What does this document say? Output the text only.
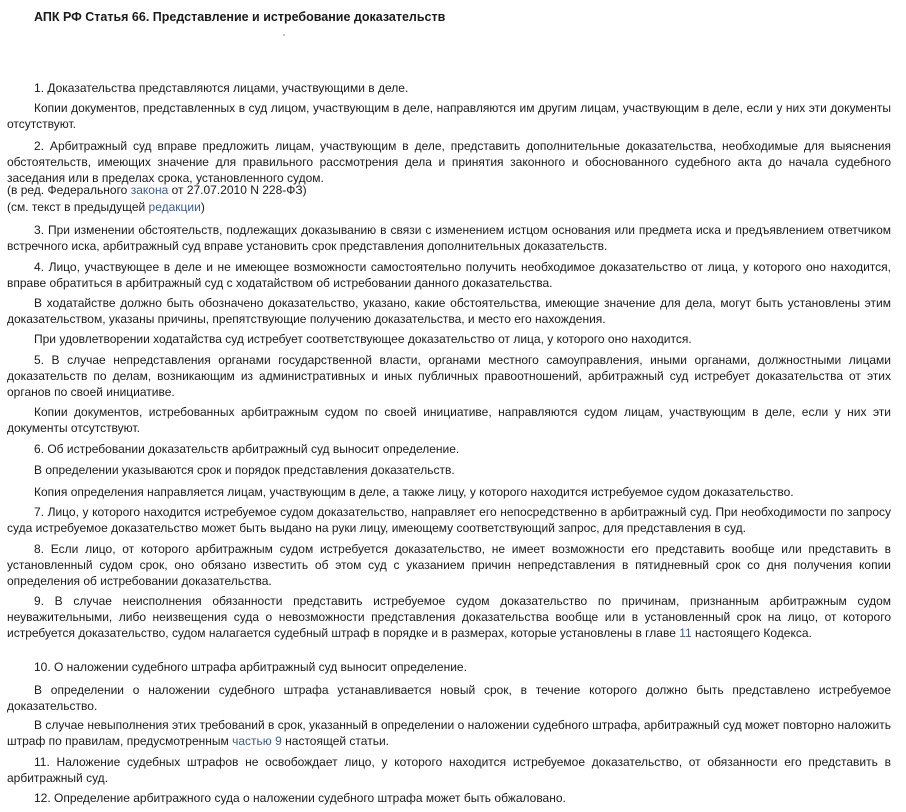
АПК РФ Статья 66. Представление и истребование доказательств

1. Доказательства представляются лицами, участвующими в деле.

Копии документов, представленных в суд лицом, участвующим в деле, направляются им другим лицам, участвующим в деле, если у них эти документы отсутствуют.

2. Арбитражный суд вправе предложить лицам, участвующим в деле, представить дополнительные доказательства, необходимые для выяснения обстоятельств, имеющих значение для правильного рассмотрения дела и принятия законного и обоснованного судебного акта до начала судебного заседания или в пределах срока, установленного судом.

(в ред. Федерального закона от 27.07.2010 N 228-ФЗ)

(см. текст в предыдущей редакции)

3. При изменении обстоятельств, подлежащих доказыванию в связи с изменением истцом основания или предмета иска и предъявлением ответчиком встречного иска, арбитражный суд вправе установить срок представления дополнительных доказательств.

4. Лицо, участвующее в деле и не имеющее возможности самостоятельно получить необходимое доказательство от лица, у которого оно находится, вправе обратиться в арбитражный суд с ходатайством об истребовании данного доказательства.

В ходатайстве должно быть обозначено доказательство, указано, какие обстоятельства, имеющие значение для дела, могут быть установлены этим доказательством, указаны причины, препятствующие получению доказательства, и место его нахождения.

При удовлетворении ходатайства суд истребует соответствующее доказательство от лица, у которого оно находится.

5. В случае непредставления органами государственной власти, органами местного самоуправления, иными органами, должностными лицами доказательств по делам, возникающим из административных и иных публичных правоотношений, арбитражный суд истребует доказательства от этих органов по своей инициативе.

Копии документов, истребованных арбитражным судом по своей инициативе, направляются судом лицам, участвующим в деле, если у них эти документы отсутствуют.

6. Об истребовании доказательств арбитражный суд выносит определение.

В определении указываются срок и порядок представления доказательств.

Копия определения направляется лицам, участвующим в деле, а также лицу, у которого находится истребуемое судом доказательство.

7. Лицо, у которого находится истребуемое судом доказательство, направляет его непосредственно в арбитражный суд. При необходимости по запросу суда истребуемое доказательство может быть выдано на руки лицу, имеющему соответствующий запрос, для представления в суд.

8. Если лицо, от которого арбитражным судом истребуется доказательство, не имеет возможности его представить вообще или представить в установленный судом срок, оно обязано известить об этом суд с указанием причин непредставления в пятидневный срок со дня получения копии определения об истребовании доказательства.

9. В случае неисполнения обязанности представить истребуемое судом доказательство по причинам, признанным арбитражным судом неуважительными, либо неизвещения суда о невозможности представления доказательства вообще или в установленный срок на лицо, от которого истребуется доказательство, судом налагается судебный штраф в порядке и в размерах, которые установлены в главе 11 настоящего Кодекса.

10. О наложении судебного штрафа арбитражный суд выносит определение.

В определении о наложении судебного штрафа устанавливается новый срок, в течение которого должно быть представлено истребуемое доказательство.

В случае невыполнения этих требований в срок, указанный в определении о наложении судебного штрафа, арбитражный суд может повторно наложить штраф по правилам, предусмотренным частью 9 настоящей статьи.

11. Наложение судебных штрафов не освобождает лицо, у которого находится истребуемое доказательство, от обязанности его представить в арбитражный суд.

12. Определение арбитражного суда о наложении судебного штрафа может быть обжаловано.
